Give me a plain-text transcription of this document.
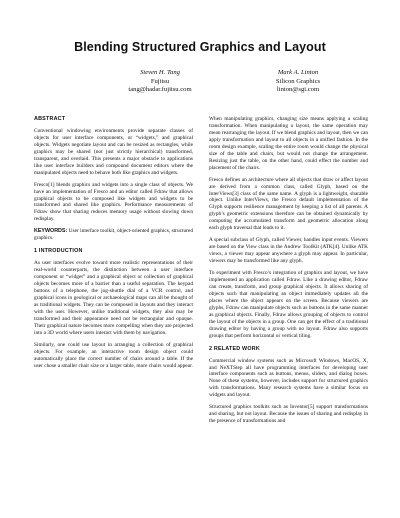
Blending Structured Graphics and Layout
Steven H. Tang
Fujitsu
tang@hadar.fujitsu.com
Mark A. Linton
Silicon Graphics
linton@sgi.com
ABSTRACT

Conventional windowing environments provide separate classes of objects for user interface components, or “widgets,” and graphical objects. Widgets negotiate layout and can be resized as rectangles, while graphics may be shared (not just strictly hierarchical) transformed, transparent, and overlaid. This presents a major obstacle to applications like user interface builders and compound document editors where the manipulated objects need to behave both like graphics and widgets.

Fresco[1] blends graphics and widgets into a single class of objects. We have an implementation of Fresco and an editor called Fdraw that allows graphical objects to be composed like widgets and widgets to be transformed and shared like graphics. Performance measurements of Fdraw show that sharing reduces memory usage without slowing down redisplay.

KEYWORDS: User interface toolkit, object-oriented graphics, structured graphics.

1 INTRODUCTION

As user interfaces evolve toward more realistic representations of their real-world counterparts, the distinction between a user interface component or “widget” and a graphical object or collection of graphical objects becomes more of a barrier than a useful separation. The keypad buttons of a telephone, the jog-shuttle dial of a VCR control, and graphical icons in geological or archaeological maps can all be thought of as traditional widgets. They can be composed in layouts and they interact with the user. However, unlike traditional widgets, they also may be transformed and their appearance need not be rectangular and opaque. Their graphical nature becomes more compelling when they are projected into a 3D world where users interact with them by navigation.

Similarly, one could use layout in arranging a collection of graphical objects. For example, an interactive room design object could automatically place the correct number of chairs around a table. If the user chose a smaller chair size or a larger table, more chairs would appear.

When manipulating graphics, changing size means applying a scaling transformation. When manipulating a layout, the same operation may mean rearranging the layout. If we blend graphics and layout, then we can apply transformation and layout to all objects in a unified fashion. In the room design example, scaling the entire room would change the physical size of the table and chairs, but would not change the arrangement. Resizing just the table, on the other hand, could effect the number and placement of the chairs.

Fresco defines an architecture where all objects that draw or affect layout are derived from a common class, called Glyph, based on the InterViews[3] class of the same name. A glyph is a lightweight, sharable object. Unlike InterViews, the Fresco default implementation of the Glyph supports resilience management by keeping a list of all parents. A glyph’s geometric extensions therefore can be obtained dynamically by computing the accumulated transform and geometric allocation along each glyph traversal that leads to it.

A special subclass of Glyph, called Viewer, handles input events. Viewers are based on the View class in the Andrew ToolKit (ATK[4]. Unlike ATK views, a viewer may appear anywhere a glyph may appear. In particular, viewers may be transformed like any glyph.

To experiment with Fresco’s integration of graphics and layout, we have implemented an application called Fdraw. Like a drawing editor, Fdraw can create, transform, and group graphical objects. It allows sharing of objects such that manipulating an object immediately updates all the places where the object appears on the screen. Because viewers are glyphs, Fdraw can manipulate objects such as buttons in the same manner as graphical objects. Finally, Fdraw allows grouping of objects to control the layout of the objects in a group. One can get the effect of a traditional drawing editor by having a group with no layout. Fdraw also supports groups that perform horizontal or vertical tiling.

2 RELATED WORK

Commercial window systems such as Microsoft Windows, MacOS, X, and NeXTStep all have programming interfaces for developing user interface components such as buttons, menus, sliders, and dialog boxes. None of these systems, however, includes support for structured graphics with transformations. Many research systems have a similar focus on widgets and layout.

Structured graphics toolkits such as Inventor[5] support transformations and sharing, but not layout. Because the issues of sharing and redisplay in the presence of transformations and
